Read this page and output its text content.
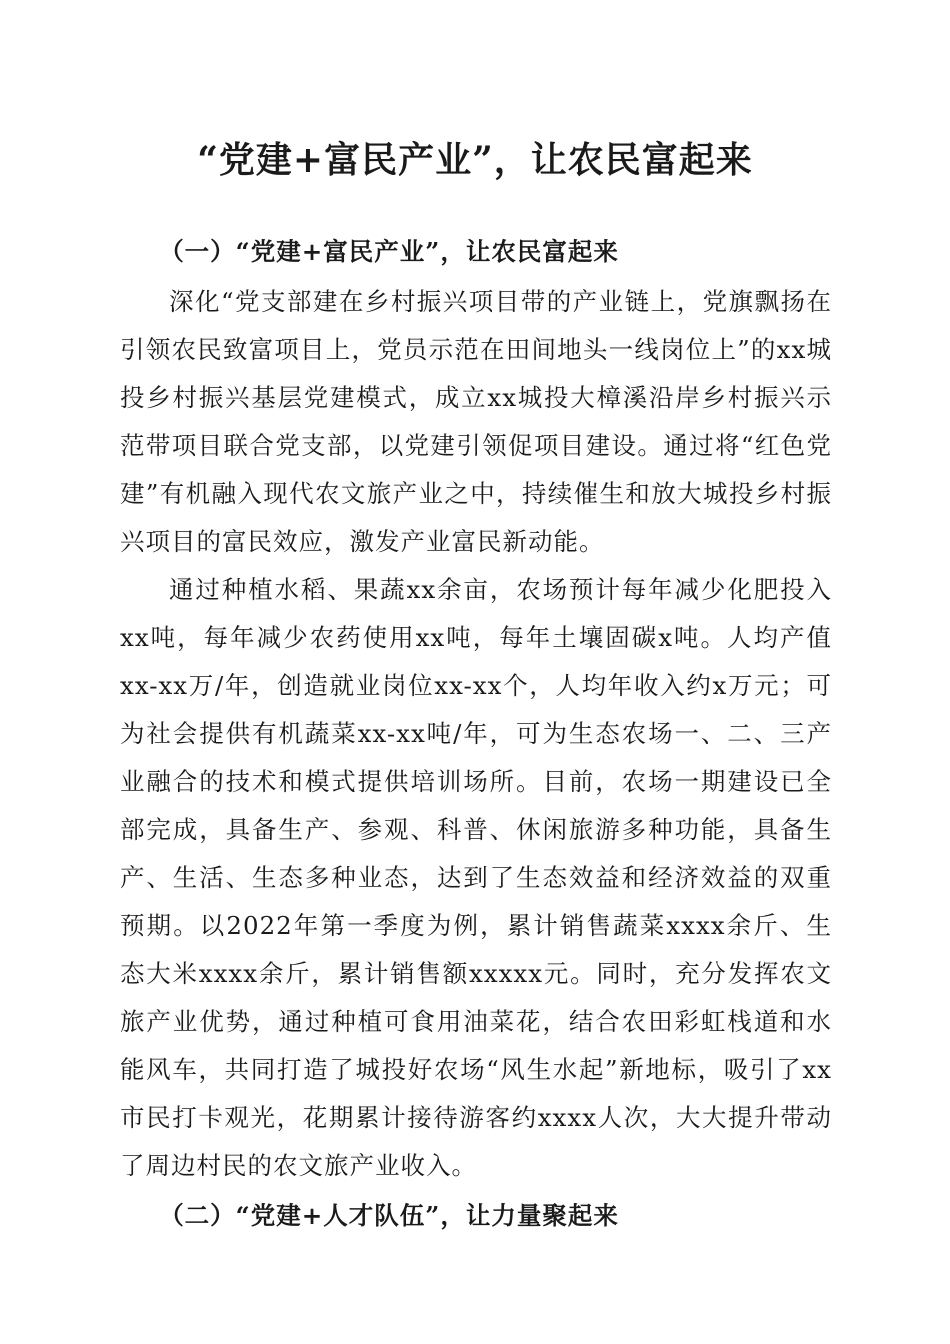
“党建+富民产业”，让农民富起来

（一）“党建+富民产业”，让农民富起来

深化“党支部建在乡村振兴项目带的产业链上，党旗飘扬在引领农民致富项目上，党员示范在田间地头一线岗位上”的xx城投乡村振兴基层党建模式，成立xx城投大樟溪沿岸乡村振兴示范带项目联合党支部，以党建引领促项目建设。通过将“红色党建”有机融入现代农文旅产业之中，持续催生和放大城投乡村振兴项目的富民效应，激发产业富民新动能。

通过种植水稻、果蔬xx余亩，农场预计每年减少化肥投入xx吨，每年减少农药使用xx吨，每年土壤固碳x吨。人均产值xx-xx万/年，创造就业岗位xx-xx个，人均年收入约x万元；可为社会提供有机蔬菜xx-xx吨/年，可为生态农场一、二、三产业融合的技术和模式提供培训场所。目前，农场一期建设已全部完成，具备生产、参观、科普、休闲旅游多种功能，具备生产、生活、生态多种业态，达到了生态效益和经济效益的双重预期。以2022年第一季度为例，累计销售蔬菜xxxx余斤、生态大米xxxx余斤，累计销售额xxxxx元。同时，充分发挥农文旅产业优势，通过种植可食用油菜花，结合农田彩虹栈道和水能风车，共同打造了城投好农场“风生水起”新地标，吸引了xx市民打卡观光，花期累计接待游客约xxxx人次，大大提升带动了周边村民的农文旅产业收入。

（二）“党建+人才队伍”，让力量聚起来
